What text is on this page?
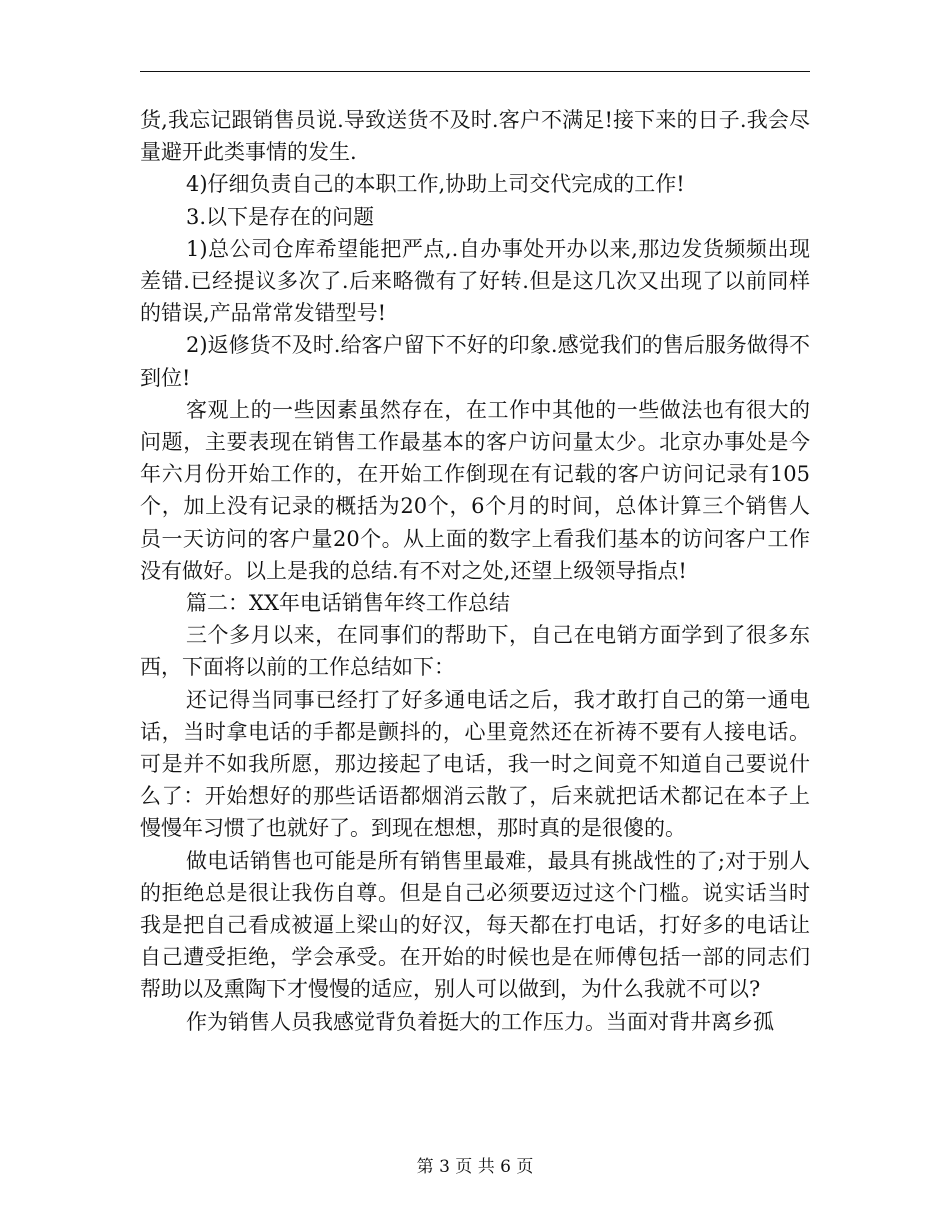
货,我忘记跟销售员说.导致送货不及时.客户不满足!接下来的日子.我会尽量避开此类事情的发生.

4)仔细负责自己的本职工作,协助上司交代完成的工作!

3.以下是存在的问题

1)总公司仓库希望能把严点,.自办事处开办以来,那边发货频频出现差错.已经提议多次了.后来略微有了好转.但是这几次又出现了以前同样的错误,产品常常发错型号!

2)返修货不及时.给客户留下不好的印象.感觉我们的售后服务做得不到位!

客观上的一些因素虽然存在，在工作中其他的一些做法也有很大的问题，主要表现在销售工作最基本的客户访问量太少。北京办事处是今年六月份开始工作的，在开始工作倒现在有记载的客户访问记录有105个，加上没有记录的概括为20个，6个月的时间，总体计算三个销售人员一天访问的客户量20个。从上面的数字上看我们基本的访问客户工作没有做好。以上是我的总结.有不对之处,还望上级领导指点!

篇二：XX年电话销售年终工作总结

三个多月以来，在同事们的帮助下，自己在电销方面学到了很多东西，下面将以前的工作总结如下：

还记得当同事已经打了好多通电话之后，我才敢打自己的第一通电话，当时拿电话的手都是颤抖的，心里竟然还在祈祷不要有人接电话。可是并不如我所愿，那边接起了电话，我一时之间竟不知道自己要说什么了：开始想好的那些话语都烟消云散了，后来就把话术都记在本子上慢慢年习惯了也就好了。到现在想想，那时真的是很傻的。

做电话销售也可能是所有销售里最难，最具有挑战性的了;对于别人的拒绝总是很让我伤自尊。但是自己必须要迈过这个门槛。说实话当时我是把自己看成被逼上梁山的好汉，每天都在打电话，打好多的电话让自己遭受拒绝，学会承受。在开始的时候也是在师傅包括一部的同志们帮助以及熏陶下才慢慢的适应，别人可以做到，为什么我就不可以?

作为销售人员我感觉背负着挺大的工作压力。当面对背井离乡孤

第 3 页 共 6 页
